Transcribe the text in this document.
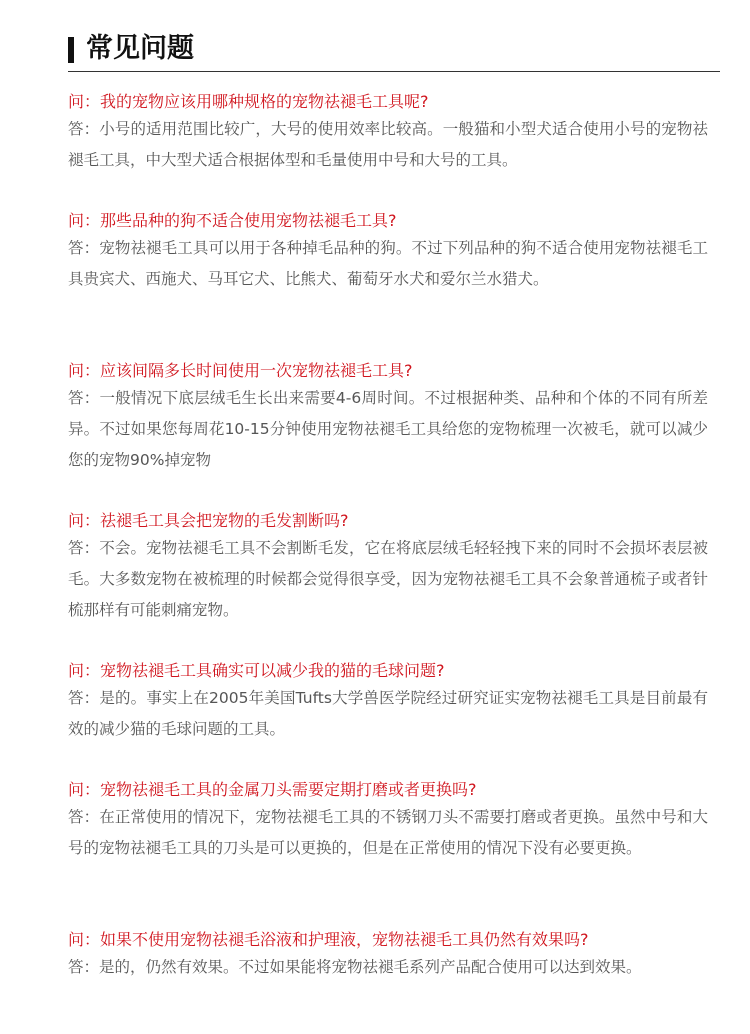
常见问题

问：我的宠物应该用哪种规格的宠物祛褪毛工具呢?

答：小号的适用范围比较广，大号的使用效率比较高。一般猫和小型犬适合使用小号的宠物祛褪毛工具，中大型犬适合根据体型和毛量使用中号和大号的工具。

问：那些品种的狗不适合使用宠物祛褪毛工具?

答：宠物祛褪毛工具可以用于各种掉毛品种的狗。不过下列品种的狗不适合使用宠物祛褪毛工具贵宾犬、西施犬、马耳它犬、比熊犬、葡萄牙水犬和爱尔兰水猎犬。

问：应该间隔多长时间使用一次宠物祛褪毛工具?

答：一般情况下底层绒毛生长出来需要4-6周时间。不过根据种类、品种和个体的不同有所差异。不过如果您每周花10-15分钟使用宠物祛褪毛工具给您的宠物梳理一次被毛，就可以减少您的宠物90%掉宠物

问：祛褪毛工具会把宠物的毛发割断吗?

答：不会。宠物祛褪毛工具不会割断毛发，它在将底层绒毛轻轻拽下来的同时不会损坏表层被毛。大多数宠物在被梳理的时候都会觉得很享受，因为宠物祛褪毛工具不会象普通梳子或者针梳那样有可能刺痛宠物。

问：宠物祛褪毛工具确实可以减少我的猫的毛球问题?

答：是的。事实上在2005年美国Tufts大学兽医学院经过研究证实宠物祛褪毛工具是目前最有效的减少猫的毛球问题的工具。

问：宠物祛褪毛工具的金属刀头需要定期打磨或者更换吗?

答：在正常使用的情况下，宠物祛褪毛工具的不锈钢刀头不需要打磨或者更换。虽然中号和大号的宠物祛褪毛工具的刀头是可以更换的，但是在正常使用的情况下没有必要更换。

问：如果不使用宠物祛褪毛浴液和护理液，宠物祛褪毛工具仍然有效果吗?

答：是的，仍然有效果。不过如果能将宠物祛褪毛系列产品配合使用可以达到效果。
